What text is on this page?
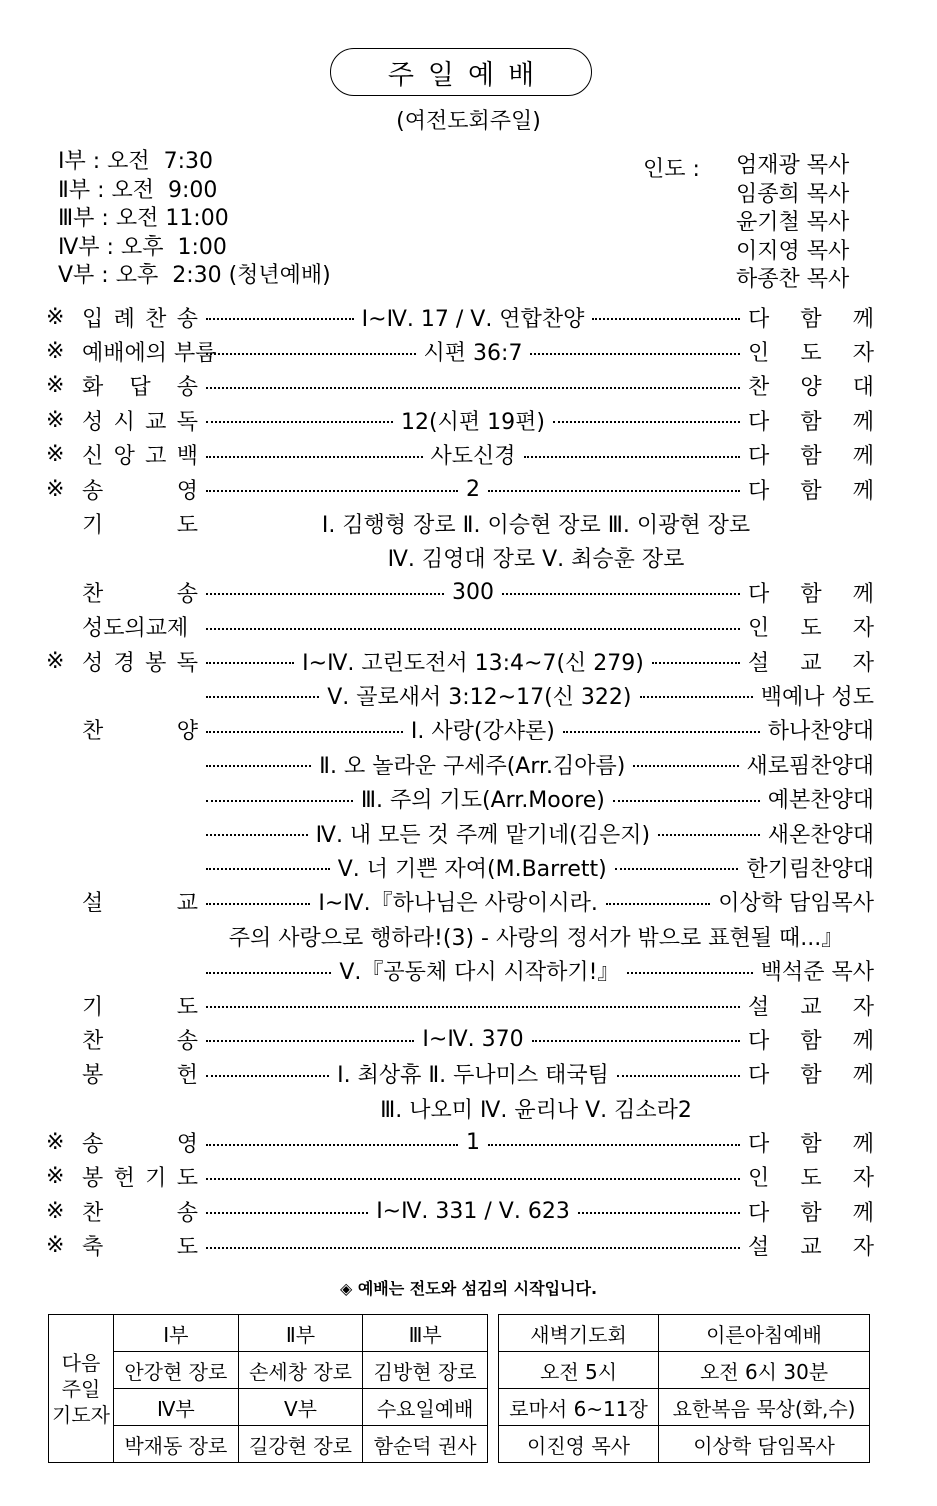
주일예배
(여전도회주일)
Ⅰ부 : 오전  7:30
Ⅱ부 : 오전  9:00
Ⅲ부 : 오전 11:00
Ⅳ부 : 오후  1:00
Ⅴ부 : 오후  2:30 (청년예배)
인도 : 엄재광 목사
임종희 목사
윤기철 목사
이지영 목사
하종찬 목사
※ 입 례 찬 송	Ⅰ~Ⅳ. 17 / Ⅴ. 연합찬양	다 함 께
※ 예배에의 부름	시편 36:7	인 도 자
※ 화 답 송	찬 양 대
※ 성 시 교 독	12(시편 19편)	다 함 께
※ 신 앙 고 백	사도신경	다 함 께
※ 송	영	2	다 함 께
기	도	Ⅰ. 김행형 장로 Ⅱ. 이승현 장로 Ⅲ. 이광현 장로
Ⅳ. 김영대 장로 Ⅴ. 최승훈 장로
찬	송	300	다 함 께
성도의교제	인 도 자
※ 성 경 봉 독	Ⅰ~Ⅳ. 고린도전서 13:4~7(신 279)	설 교 자
Ⅴ. 골로새서 3:12~17(신 322)	백예나 성도
찬	양	Ⅰ. 사랑(강샤론)	하나찬양대
Ⅱ. 오 놀라운 구세주(Arr.김아름)	새로핌찬양대
Ⅲ. 주의 기도(Arr.Moore)	예본찬양대
Ⅳ. 내 모든 것 주께 맡기네(김은지)	새온찬양대
Ⅴ. 너 기쁜 자여(M.Barrett)	한기림찬양대
설	교	Ⅰ~Ⅳ.『하나님은 사랑이시라.	이상학 담임목사
주의 사랑으로 행하라!(3) - 사랑의 정서가 밖으로 표현될 때...』
Ⅴ.『공동체 다시 시작하기!』	백석준 목사
기	도	설 교 자
찬	송	Ⅰ~Ⅳ. 370	다 함 께
봉	헌	Ⅰ. 최상휴 Ⅱ. 두나미스 태국팀	다 함 께
Ⅲ. 나오미 Ⅳ. 윤리나 Ⅴ. 김소라2
※ 송	영	1	다 함 께
※ 봉 헌 기 도	인 도 자
※ 찬	송	Ⅰ~Ⅳ. 331 / Ⅴ. 623	다 함 께
※ 축	도	설 교 자
◈ 예배는 전도와 섬김의 시작입니다.
다음 주일 기도자	Ⅰ부	Ⅱ부	Ⅲ부
	안강현 장로	손세창 장로	김방현 장로
	Ⅳ부	Ⅴ부	수요일예배
	박재동 장로	길강현 장로	함순덕 권사
새벽기도회	이른아침예배
오전 5시	오전 6시 30분
로마서 6~11장	요한복음 묵상(화,수)
이진영 목사	이상학 담임목사
